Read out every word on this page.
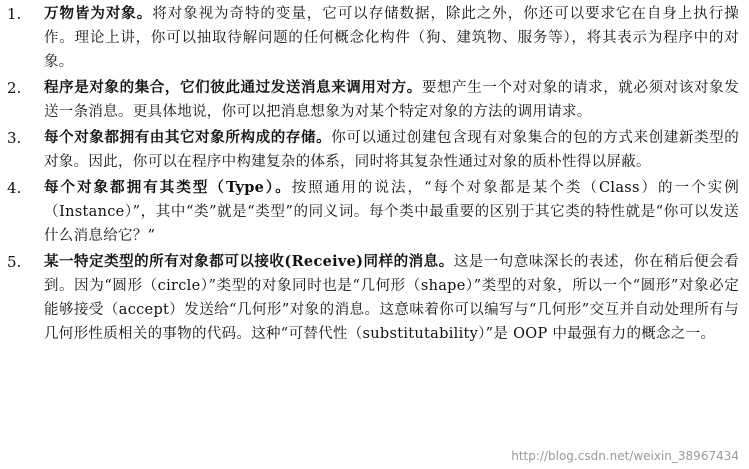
1. 万物皆为对象。将对象视为奇特的变量，它可以存储数据，除此之外，你还可以要求它在自身上执行操作。理论上讲，你可以抽取待解问题的任何概念化构件（狗、建筑物、服务等），将其表示为程序中的对象。
2. 程序是对象的集合，它们彼此通过发送消息来调用对方。要想产生一个对对象的请求，就必须对该对象发送一条消息。更具体地说，你可以把消息想象为对某个特定对象的方法的调用请求。
3. 每个对象都拥有由其它对象所构成的存储。你可以通过创建包含现有对象集合的包的方式来创建新类型的对象。因此，你可以在程序中构建复杂的体系，同时将其复杂性通过对象的质朴性得以屏蔽。
4. 每个对象都拥有其类型（Type）。按照通用的说法，“每个对象都是某个类（Class）的一个实例（Instance）”，其中“类”就是“类型”的同义词。每个类中最重要的区别于其它类的特性就是“你可以发送什么消息给它？”
5. 某一特定类型的所有对象都可以接收(Receive)同样的消息。这是一句意味深长的表述，你在稍后便会看到。因为“圆形（circle）”类型的对象同时也是“几何形（shape）”类型的对象，所以一个“圆形”对象必定能够接受（accept）发送给“几何形”对象的消息。这意味着你可以编写与“几何形”交互并自动处理所有与几何形性质相关的事物的代码。这种“可替代性（substitutability）”是 OOP 中最强有力的概念之一。
http://blog.csdn.net/weixin_38967434
